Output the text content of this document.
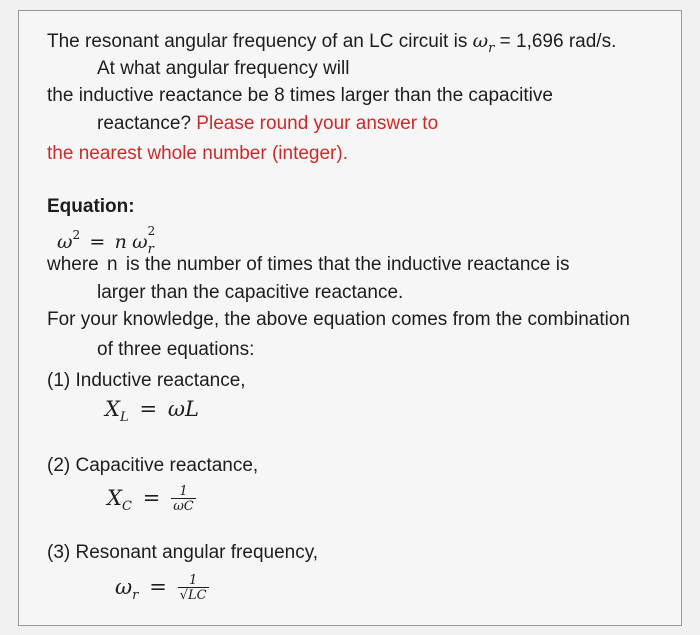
The resonant angular frequency of an LC circuit is $\omega_r = 1,696$ rad/s.
At what angular frequency will
the inductive reactance be 8 times larger than the capacitive
reactance? Please round your answer to
the nearest whole number (integer).
Equation:
$\omega^2 = n$ ω 2
$_r$
where n is the number of times that the inductive reactance is
larger than the capacitive reactance.
For your knowledge, the above equation comes from the combination
of three equations:
(1) Inductive reactance,
$X_L = \omega L$
(2) Capacitive reactance,
$X_C = \frac{1}{\omega C}$
(3) Resonant angular frequency,
$\omega_r = \frac{1}{√LC}$
